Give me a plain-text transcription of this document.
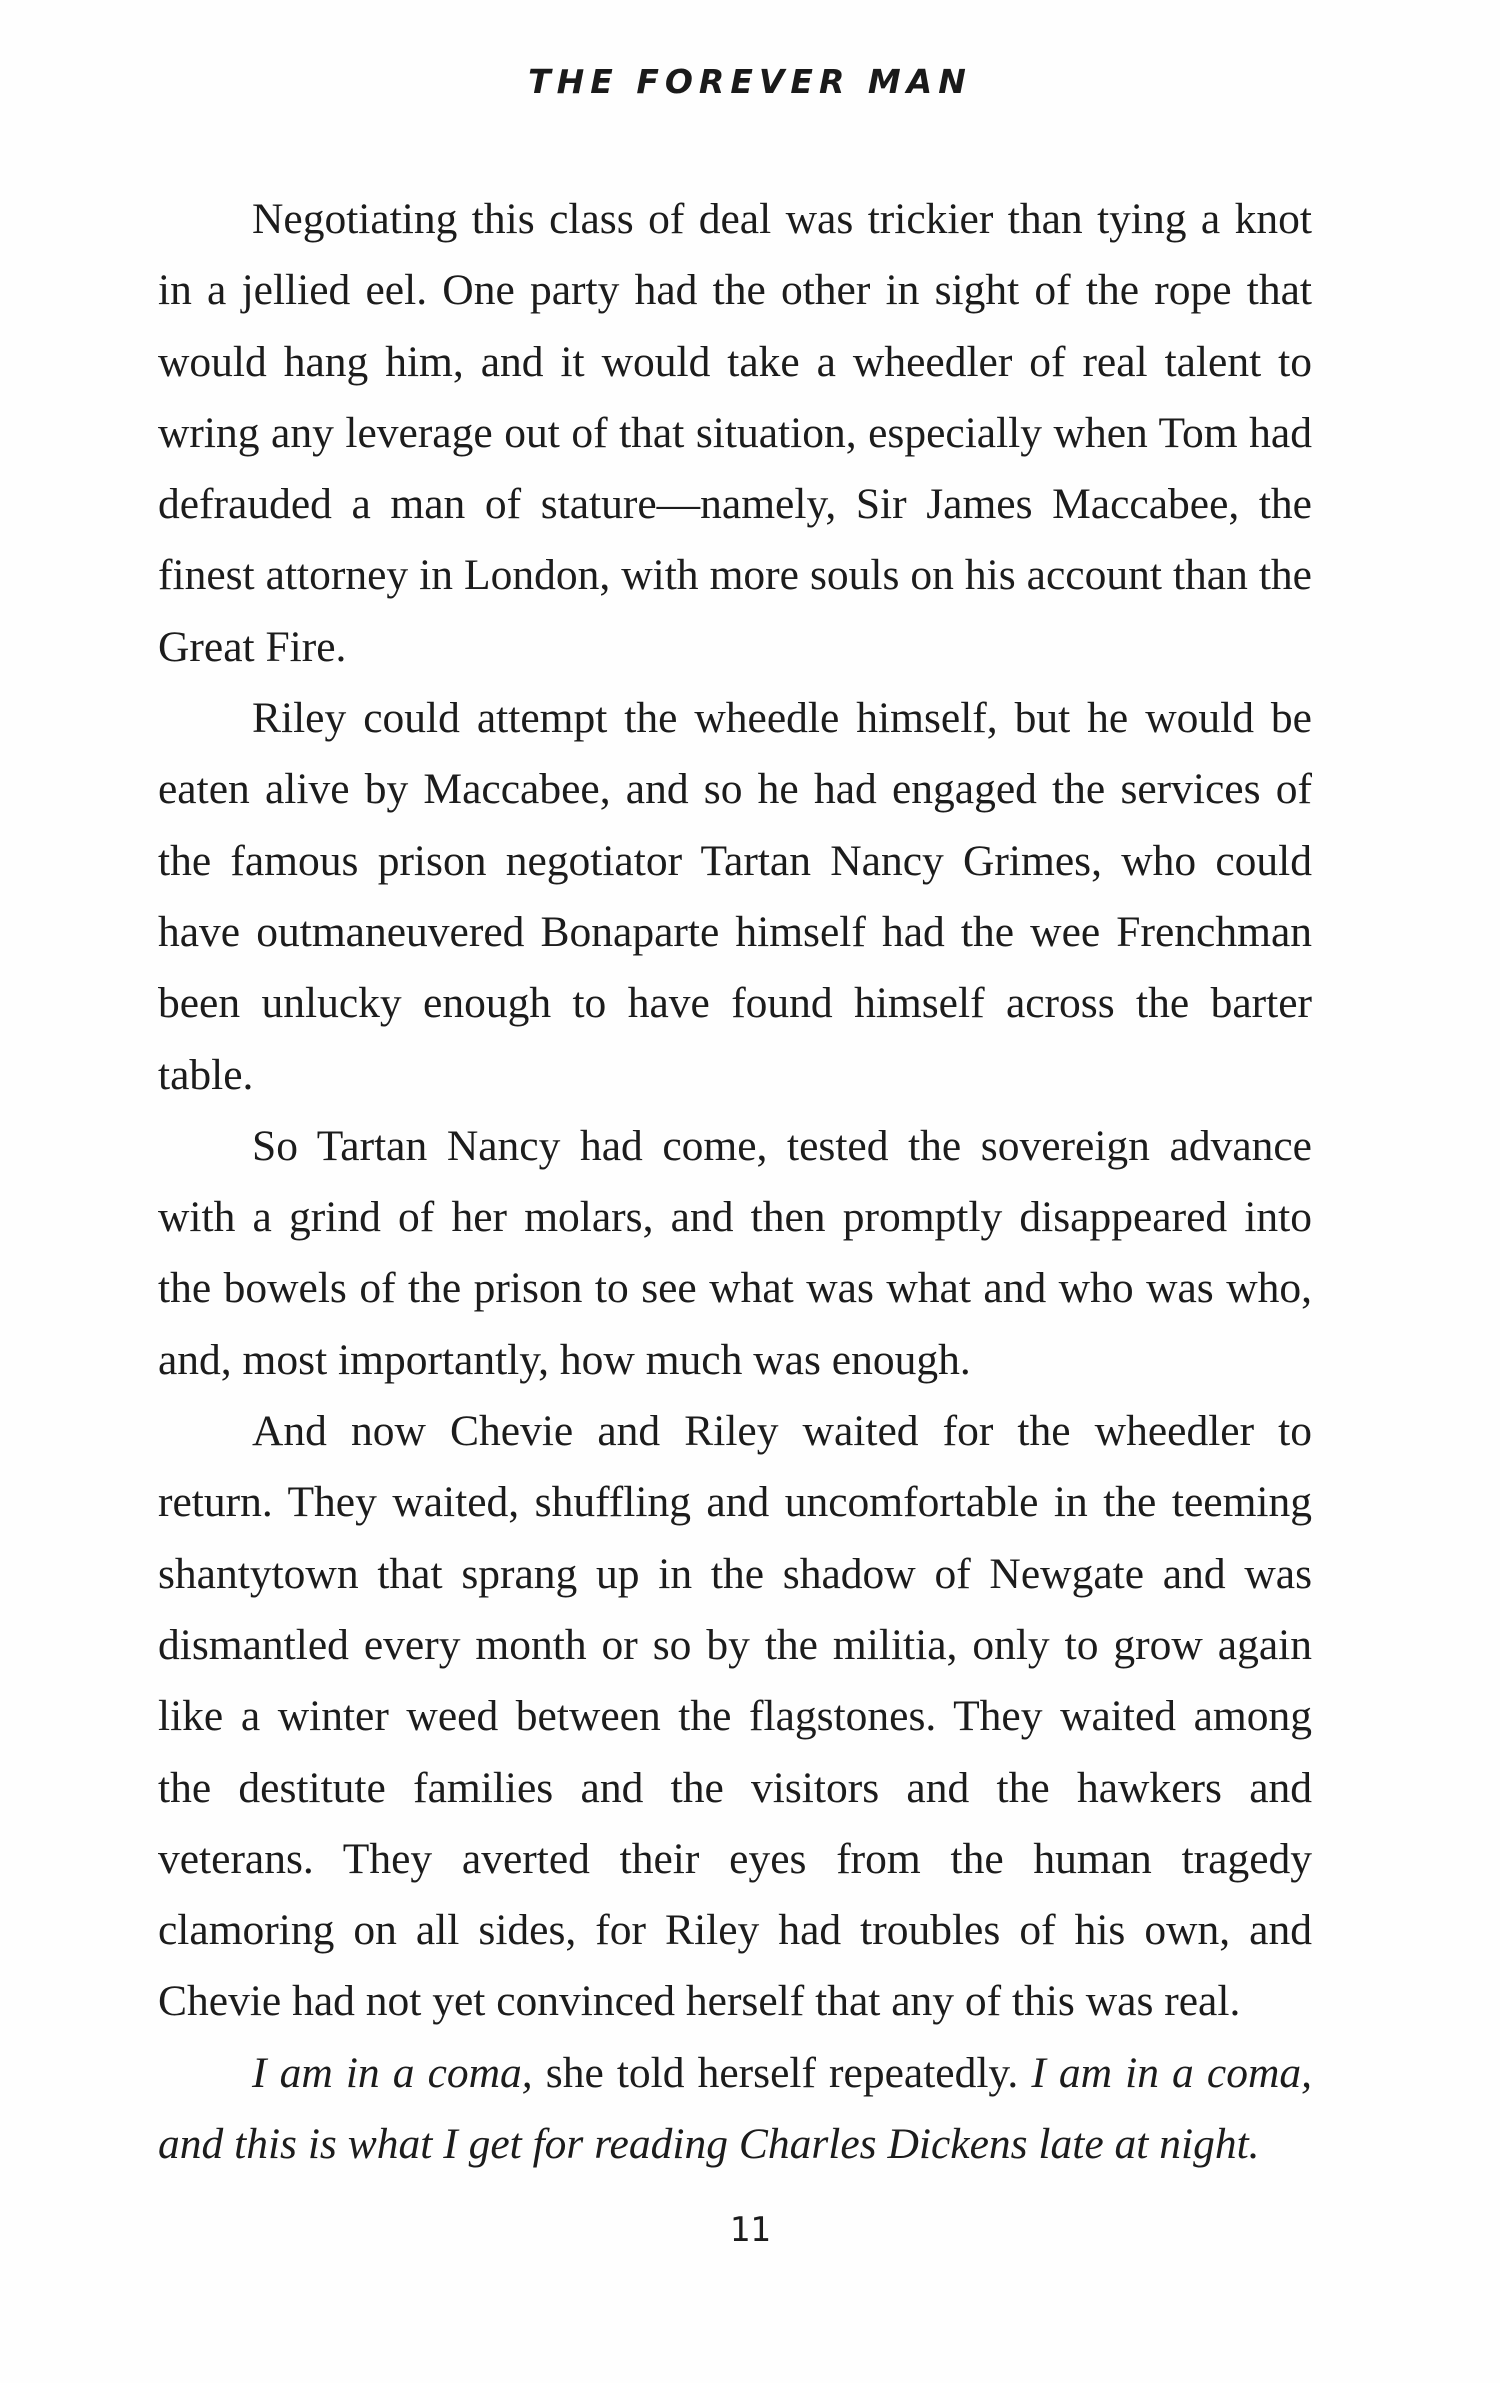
THE FOREVER MAN

Negotiating this class of deal was trickier than tying a knot in a jellied eel. One party had the other in sight of the rope that would hang him, and it would take a wheedler of real talent to wring any leverage out of that situation, especially when Tom had defrauded a man of stature—namely, Sir James Maccabee, the finest attorney in London, with more souls on his account than the Great Fire.

Riley could attempt the wheedle himself, but he would be eaten alive by Maccabee, and so he had engaged the services of the famous prison negotiator Tartan Nancy Grimes, who could have outmaneuvered Bonaparte himself had the wee Frenchman been unlucky enough to have found himself across the barter table.

So Tartan Nancy had come, tested the sovereign advance with a grind of her molars, and then promptly disappeared into the bowels of the prison to see what was what and who was who, and, most importantly, how much was enough.

And now Chevie and Riley waited for the wheedler to return. They waited, shuffling and uncomfortable in the teeming shantytown that sprang up in the shadow of Newgate and was dismantled every month or so by the militia, only to grow again like a winter weed between the flagstones. They waited among the destitute families and the visitors and the hawkers and veterans. They averted their eyes from the human tragedy clamoring on all sides, for Riley had troubles of his own, and Chevie had not yet convinced herself that any of this was real.

I am in a coma, she told herself repeatedly. I am in a coma, and this is what I get for reading Charles Dickens late at night.

11
